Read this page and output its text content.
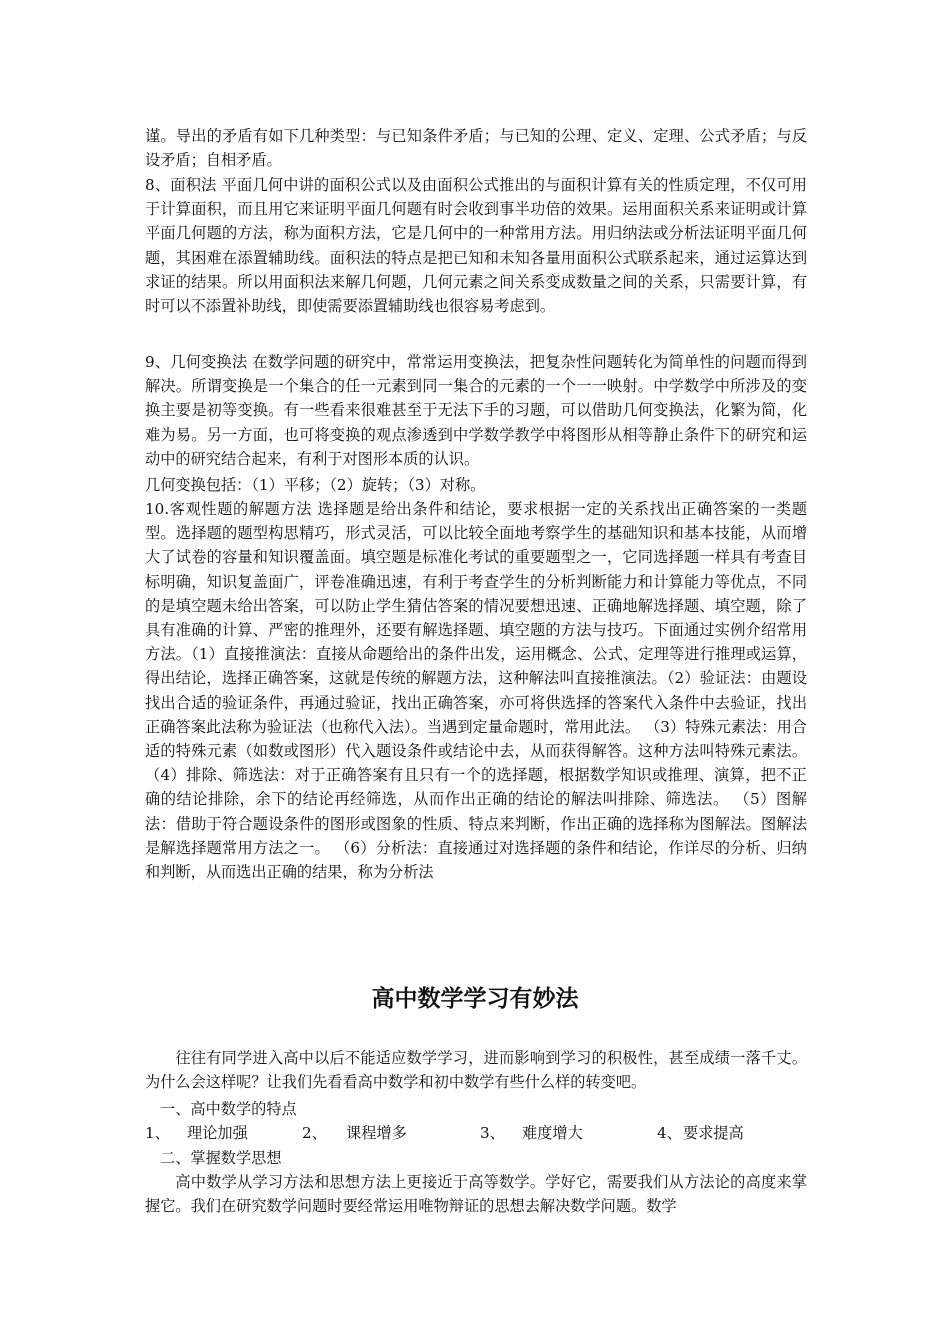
谨。导出的矛盾有如下几种类型：与已知条件矛盾；与已知的公理、定义、定理、公式矛盾；与反设矛盾；自相矛盾。

8、面积法 平面几何中讲的面积公式以及由面积公式推出的与面积计算有关的性质定理，不仅可用于计算面积，而且用它来证明平面几何题有时会收到事半功倍的效果。运用面积关系来证明或计算平面几何题的方法，称为面积方法，它是几何中的一种常用方法。用归纳法或分析法证明平面几何题，其困难在添置辅助线。面积法的特点是把已知和未知各量用面积公式联系起来，通过运算达到求证的结果。所以用面积法来解几何题，几何元素之间关系变成数量之间的关系，只需要计算，有时可以不添置补助线，即使需要添置辅助线也很容易考虑到。

9、几何变换法 在数学问题的研究中，常常运用变换法，把复杂性问题转化为简单性的问题而得到解决。所谓变换是一个集合的任一元素到同一集合的元素的一个一一映射。中学数学中所涉及的变换主要是初等变换。有一些看来很难甚至于无法下手的习题，可以借助几何变换法，化繁为简，化难为易。另一方面，也可将变换的观点渗透到中学数学教学中将图形从相等静止条件下的研究和运动中的研究结合起来，有利于对图形本质的认识。

几何变换包括：（1）平移；（2）旋转；（3）对称。

10.客观性题的解题方法 选择题是给出条件和结论，要求根据一定的关系找出正确答案的一类题型。选择题的题型构思精巧，形式灵活，可以比较全面地考察学生的基础知识和基本技能，从而增大了试卷的容量和知识覆盖面。填空题是标准化考试的重要题型之一，它同选择题一样具有考查目标明确，知识复盖面广，评卷准确迅速，有利于考查学生的分析判断能力和计算能力等优点，不同的是填空题未给出答案，可以防止学生猜估答案的情况要想迅速、正确地解选择题、填空题，除了具有准确的计算、严密的推理外，还要有解选择题、填空题的方法与技巧。下面通过实例介绍常用方法。（1）直接推演法：直接从命题给出的条件出发，运用概念、公式、定理等进行推理或运算，得出结论，选择正确答案，这就是传统的解题方法，这种解法叫直接推演法。（2）验证法：由题设找出合适的验证条件，再通过验证，找出正确答案，亦可将供选择的答案代入条件中去验证，找出正确答案此法称为验证法（也称代入法）。当遇到定量命题时，常用此法。 （3）特殊元素法：用合适的特殊元素（如数或图形）代入题设条件或结论中去，从而获得解答。这种方法叫特殊元素法。 （4）排除、筛选法：对于正确答案有且只有一个的选择题，根据数学知识或推理、演算，把不正确的结论排除，余下的结论再经筛选，从而作出正确的结论的解法叫排除、筛选法。 （5）图解法：借助于符合题设条件的图形或图象的性质、特点来判断，作出正确的选择称为图解法。图解法是解选择题常用方法之一。 （6）分析法：直接通过对选择题的条件和结论，作详尽的分析、归纳和判断，从而选出正确的结果，称为分析法

高中数学学习有妙法

往往有同学进入高中以后不能适应数学学习，进而影响到学习的积极性，甚至成绩一落千丈。为什么会这样呢？让我们先看看高中数学和初中数学有些什么样的转变吧。

一、高中数学的特点

1、 理论加强	2、 课程增多	3、 难度增大	4、 要求提高

二、掌握数学思想

高中数学从学习方法和思想方法上更接近于高等数学。学好它，需要我们从方法论的高度来掌握它。我们在研究数学问题时要经常运用唯物辩证的思想去解决数学问题。数学
